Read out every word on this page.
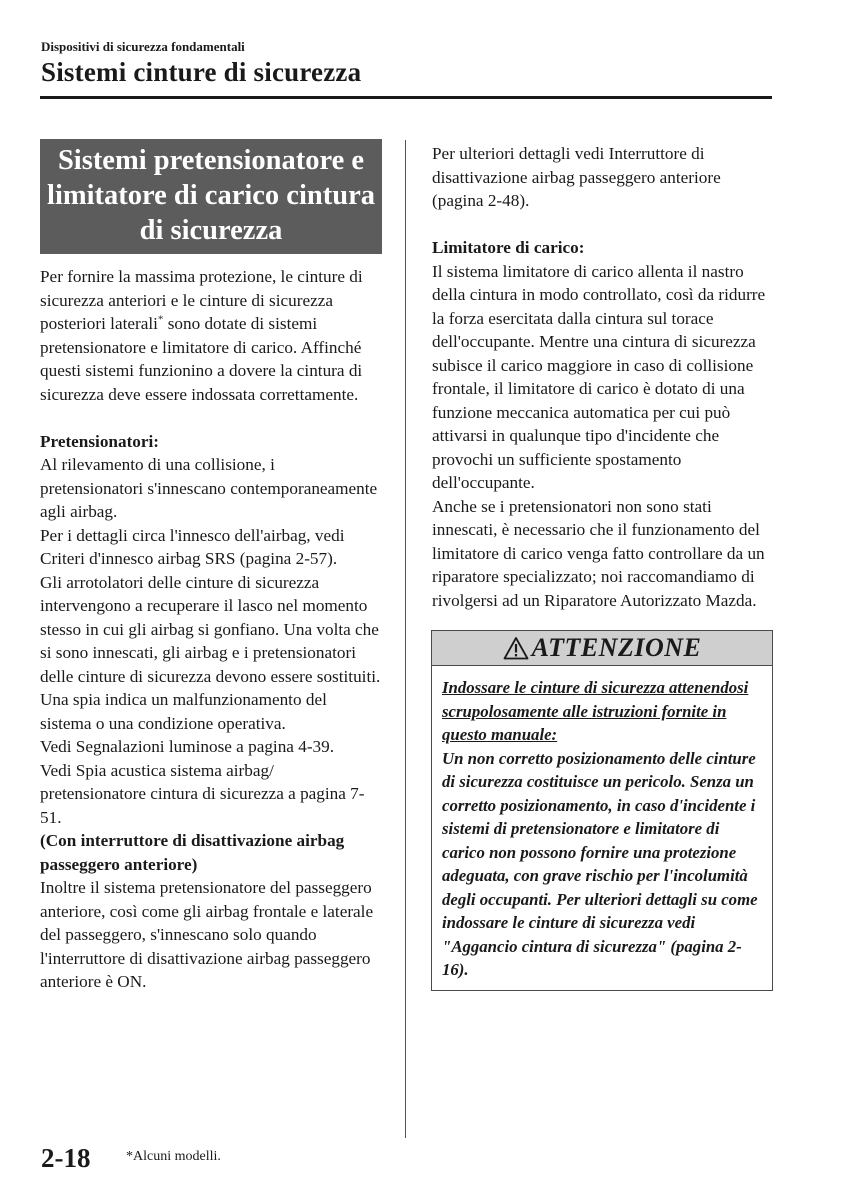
Dispositivi di sicurezza fondamentali
Sistemi cinture di sicurezza
Sistemi pretensionatore e
limitatore di carico cintura
di sicurezza

Per fornire la massima protezione, le cinture di sicurezza anteriori e le cinture di sicurezza posteriori laterali* sono dotate di sistemi pretensionatore e limitatore di carico. Affinché questi sistemi funzionino a dovere la cintura di sicurezza deve essere indossata correttamente.

Pretensionatori:

Al rilevamento di una collisione, i pretensionatori s'innescano contemporaneamente agli airbag.

Per i dettagli circa l'innesco dell'airbag, vedi Criteri d'innesco airbag SRS (pagina 2-57).

Gli arrotolatori delle cinture di sicurezza intervengono a recuperare il lasco nel momento stesso in cui gli airbag si gonfiano. Una volta che si sono innescati, gli airbag e i pretensionatori delle cinture di sicurezza devono essere sostituiti.

Una spia indica un malfunzionamento del sistema o una condizione operativa.

Vedi Segnalazioni luminose a pagina 4-39.

Vedi Spia acustica sistema airbag/ pretensionatore cintura di sicurezza a pagina 7-51.

(Con interruttore di disattivazione airbag passeggero anteriore)

Inoltre il sistema pretensionatore del passeggero anteriore, così come gli airbag frontale e laterale del passeggero, s'innescano solo quando l'interruttore di disattivazione airbag passeggero anteriore è ON.

Per ulteriori dettagli vedi Interruttore di disattivazione airbag passeggero anteriore (pagina 2-48).

Limitatore di carico:

Il sistema limitatore di carico allenta il nastro della cintura in modo controllato, così da ridurre la forza esercitata dalla cintura sul torace dell'occupante. Mentre una cintura di sicurezza subisce il carico maggiore in caso di collisione frontale, il limitatore di carico è dotato di una funzione meccanica automatica per cui può attivarsi in qualunque tipo d'incidente che provochi un sufficiente spostamento dell'occupante.

Anche se i pretensionatori non sono stati innescati, è necessario che il funzionamento del limitatore di carico venga fatto controllare da un riparatore specializzato; noi raccomandiamo di rivolgersi ad un Riparatore Autorizzato Mazda.

ATTENZIONE
Indossare le cinture di sicurezza attenendosi scrupolosamente alle istruzioni fornite in questo manuale:
Un non corretto posizionamento delle cinture di sicurezza costituisce un pericolo. Senza un corretto posizionamento, in caso d'incidente i sistemi di pretensionatore e limitatore di carico non possono fornire una protezione adeguata, con grave rischio per l'incolumità degli occupanti. Per ulteriori dettagli su come indossare le cinture di sicurezza vedi "Aggancio cintura di sicurezza" (pagina 2-16).
2-18	*Alcuni modelli.
